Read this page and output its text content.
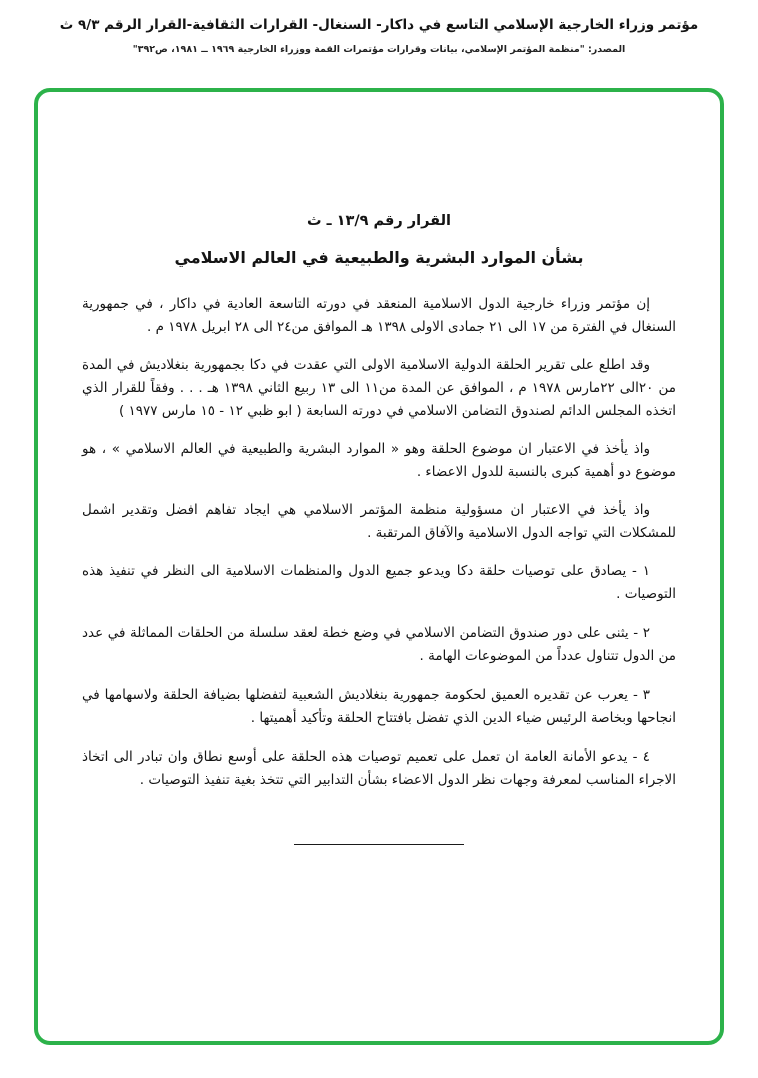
مؤتمر وزراء الخارجية الإسلامي التاسع في داكار- السنغال- القرارات الثقافية-القرار الرقم ٩/٣ ث
المصدر: "منظمة المؤتمر الإسلامي، بيانات وقرارات مؤتمرات القمة ووزراء الخارجية ١٩٦٩ ــ ١٩٨١، ص٣٩٢"
القرار رقم ١٣/٩ ـ ث
بشأن الموارد البشرية والطبيعية في العالم الاسلامي

إن مؤتمر وزراء خارجية الدول الاسلامية المنعقد في دورته التاسعة العادية في داكار ، في جمهورية السنغال في الفترة من ١٧ الى ٢١ جمادى الاولى ١٣٩٨ هـ الموافق من٢٤ الى ٢٨ ابريل ١٩٧٨ م .

وقد اطلع على تقرير الحلقة الدولية الاسلامية الاولى التي عقدت في دكا بجمهورية بنغلاديش في المدة من ٢٠الى ٢٢مارس ١٩٧٨ م ، الموافق عن المدة من١١ الى ١٣ ربيع الثاني ١٣٩٨ هـ . . . وفقاً للقرار الذي اتخذه المجلس الدائم لصندوق التضامن الاسلامي في دورته السابعة ( ابو ظبي ١٢ - ١٥ مارس ١٩٧٧ )

واذ يأخذ في الاعتبار ان موضوع الحلقة وهو « الموارد البشرية والطبيعية في العالم الاسلامي » ، هو موضوع دو أهمية كبرى بالنسبة للدول الاعضاء .

واذ يأخذ في الاعتبار ان مسؤولية منظمة المؤتمر الاسلامي هي ايجاد تفاهم افضل وتقدير اشمل للمشكلات التي تواجه الدول الاسلامية والآفاق المرتقبة .

١ - يصادق على توصيات حلقة دكا ويدعو جميع الدول والمنظمات الاسلامية الى النظر في تنفيذ هذه التوصيات .

٢ - يثنى على دور صندوق التضامن الاسلامي في وضع خطة لعقد سلسلة من الحلقات المماثلة في عدد من الدول تتناول عدداً من الموضوعات الهامة .

٣ - يعرب عن تقديره العميق لحكومة جمهورية بنغلاديش الشعبية لتفضلها بضيافة الحلقة ولاسهامها في انجاحها وبخاصة الرئيس ضياء الدين الذي تفضل بافتتاح الحلقة وتأكيد أهميتها .

٤ - يدعو الأمانة العامة ان تعمل على تعميم توصيات هذه الحلقة على أوسع نطاق وان تبادر الى اتخاذ الاجراء المناسب لمعرفة وجهات نظر الدول الاعضاء بشأن التدابير التي تتخذ بغية تنفيذ التوصيات .
